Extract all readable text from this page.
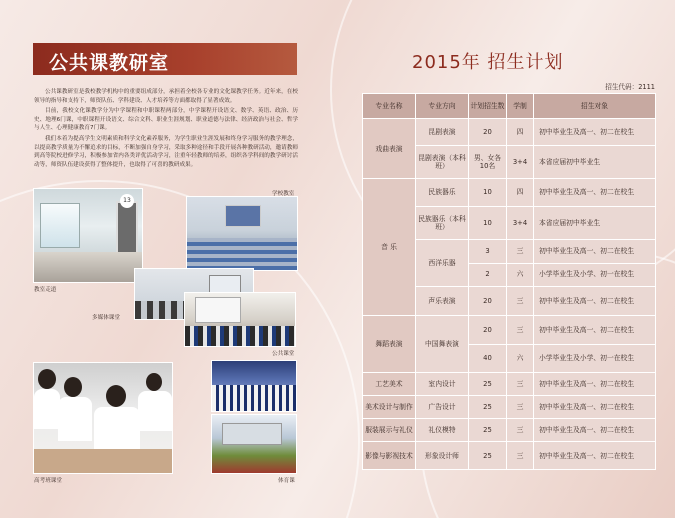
公共课教研室

公共课教研室是我校教学机构中的重要组成部分，承担着全校各专业的文化课教学任务。近年来，在校领导的指导和支持下，师资队伍、学科建设、人才培养等方面都取得了显著成效。

目前，我校文化课教学分为中学课程和中职课程两部分，中学课程开设语文、数学、英语、政治、历史、地理6门课，中职课程开设语文、综合文科、职业生涯规划、职业道德与法律、经济政治与社会、哲学与人生、心理健康教育7门课。

我们本着为提高学生文明素质和科学文化素养服务，为学生职业生涯发展和终身学习服务的教学理念，以提高教学质量为不懈追求的目标，不断加强自身学习，采取多种途径和手段开展各种教研活动，邀请教师到高等院校进修学习，积极参加省内各类评优活动学习，注重年轻教师的培养，组织各学科间的教学研讨活动等，师资队伍建设获得了整体提升，也取得了可喜的教研成果。

13
教室走道
学校教室
多媒体课堂
公共课堂
高考班课堂	体育课
2015年 招生计划
招生代码：2111
专业名称	专业方向	计划招生数	学制	招生对象
戏曲表演	昆剧表演	20	四	初中毕业生及高一、初二在校生
	昆剧表演（本科班）	男、女各10名	3+4	本省应届初中毕业生
音 乐	民族器乐	10	四	初中毕业生及高一、初二在校生
	民族器乐（本科班）	10	3+4	本省应届初中毕业生
	西洋乐器	3	三	初中毕业生及高一、初二在校生
		2	六	小学毕业生及小学、初一在校生
	声乐表演	20	三	初中毕业生及高一、初二在校生
舞蹈表演	中国舞表演	20	三	初中毕业生及高一、初二在校生
		40	六	小学毕业生及小学、初一在校生
工艺美术	室内设计	25	三	初中毕业生及高一、初二在校生
美术设计与制作	广告设计	25	三	初中毕业生及高一、初二在校生
服装展示与礼仪	礼仪模特	25	三	初中毕业生及高一、初二在校生
影像与影视技术	形象设计师	25	三	初中毕业生及高一、初二在校生
